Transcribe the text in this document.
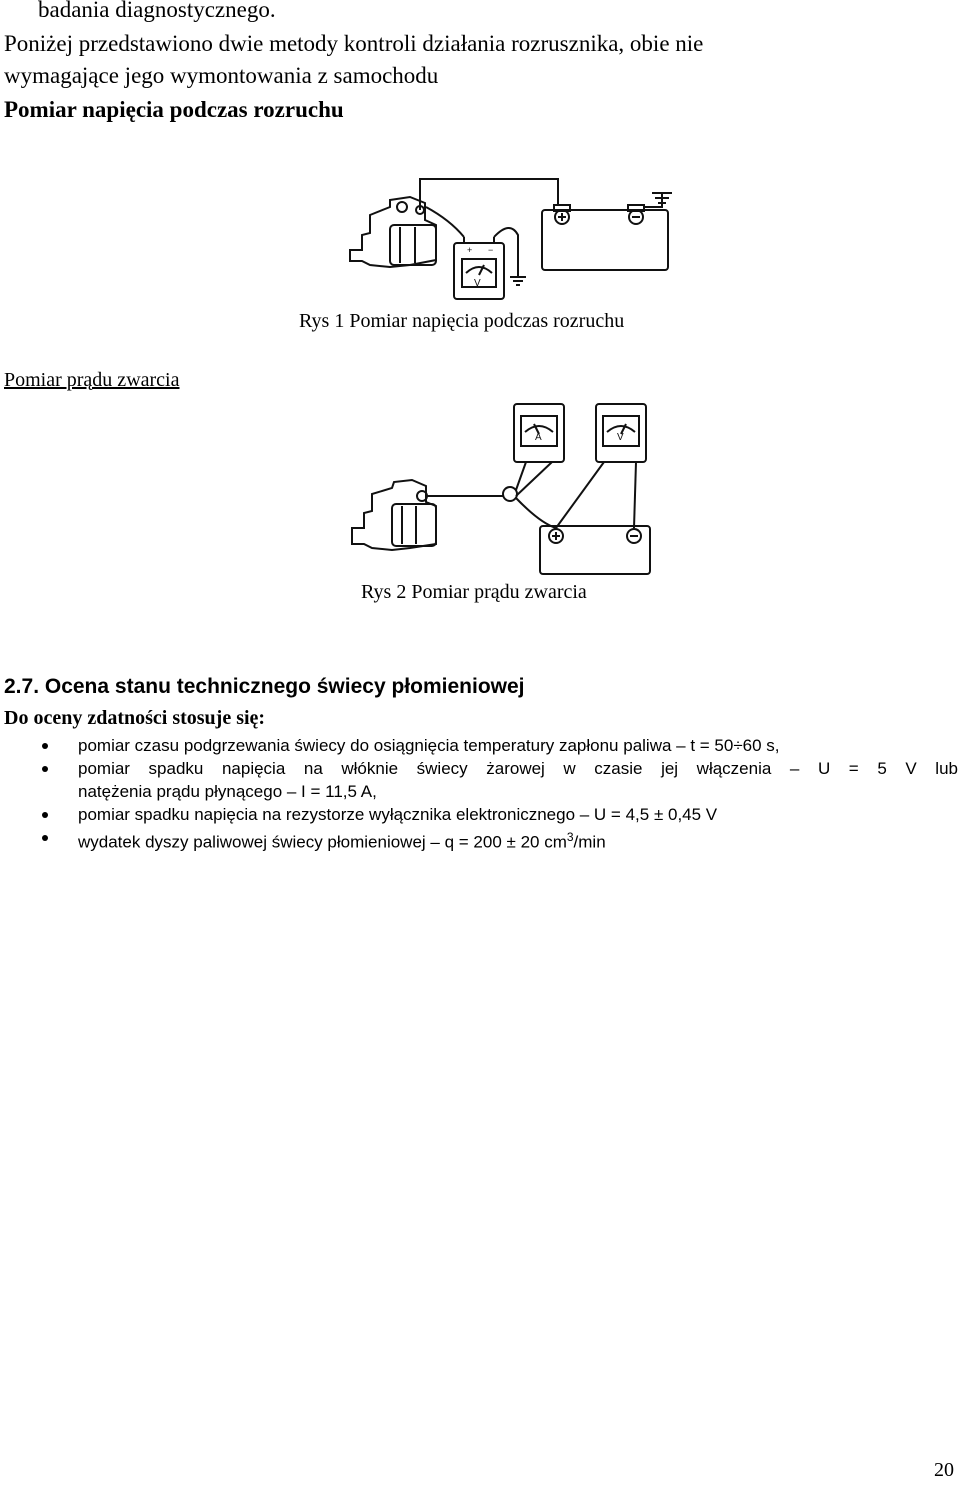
badania diagnostycznego.
Poniżej przedstawiono dwie metody kontroli działania rozrusznika, obie nie
wymagające jego wymontowania z samochodu
Pomiar napięcia podczas rozruchu
+ −
V
Rys 1 Pomiar napięcia podczas rozruchu
Pomiar prądu zwarcia
A	V
Rys 2 Pomiar prądu zwarcia
2.7. Ocena stanu technicznego świecy płomieniowej
Do oceny zdatności stosuje się:
pomiar czasu podgrzewania świecy do osiągnięcia temperatury zapłonu paliwa – t = 50÷60 s,
pomiar spadku napięcia na włóknie świecy żarowej w czasie jej włączenia – U = 5 V lub
natężenia prądu płynącego – I = 11,5 A,
pomiar spadku napięcia na rezystorze wyłącznika elektronicznego – U = 4,5 ± 0,45 V
wydatek dyszy paliwowej świecy płomieniowej – q = 200 ± 20 $cm^3/\min$
20
